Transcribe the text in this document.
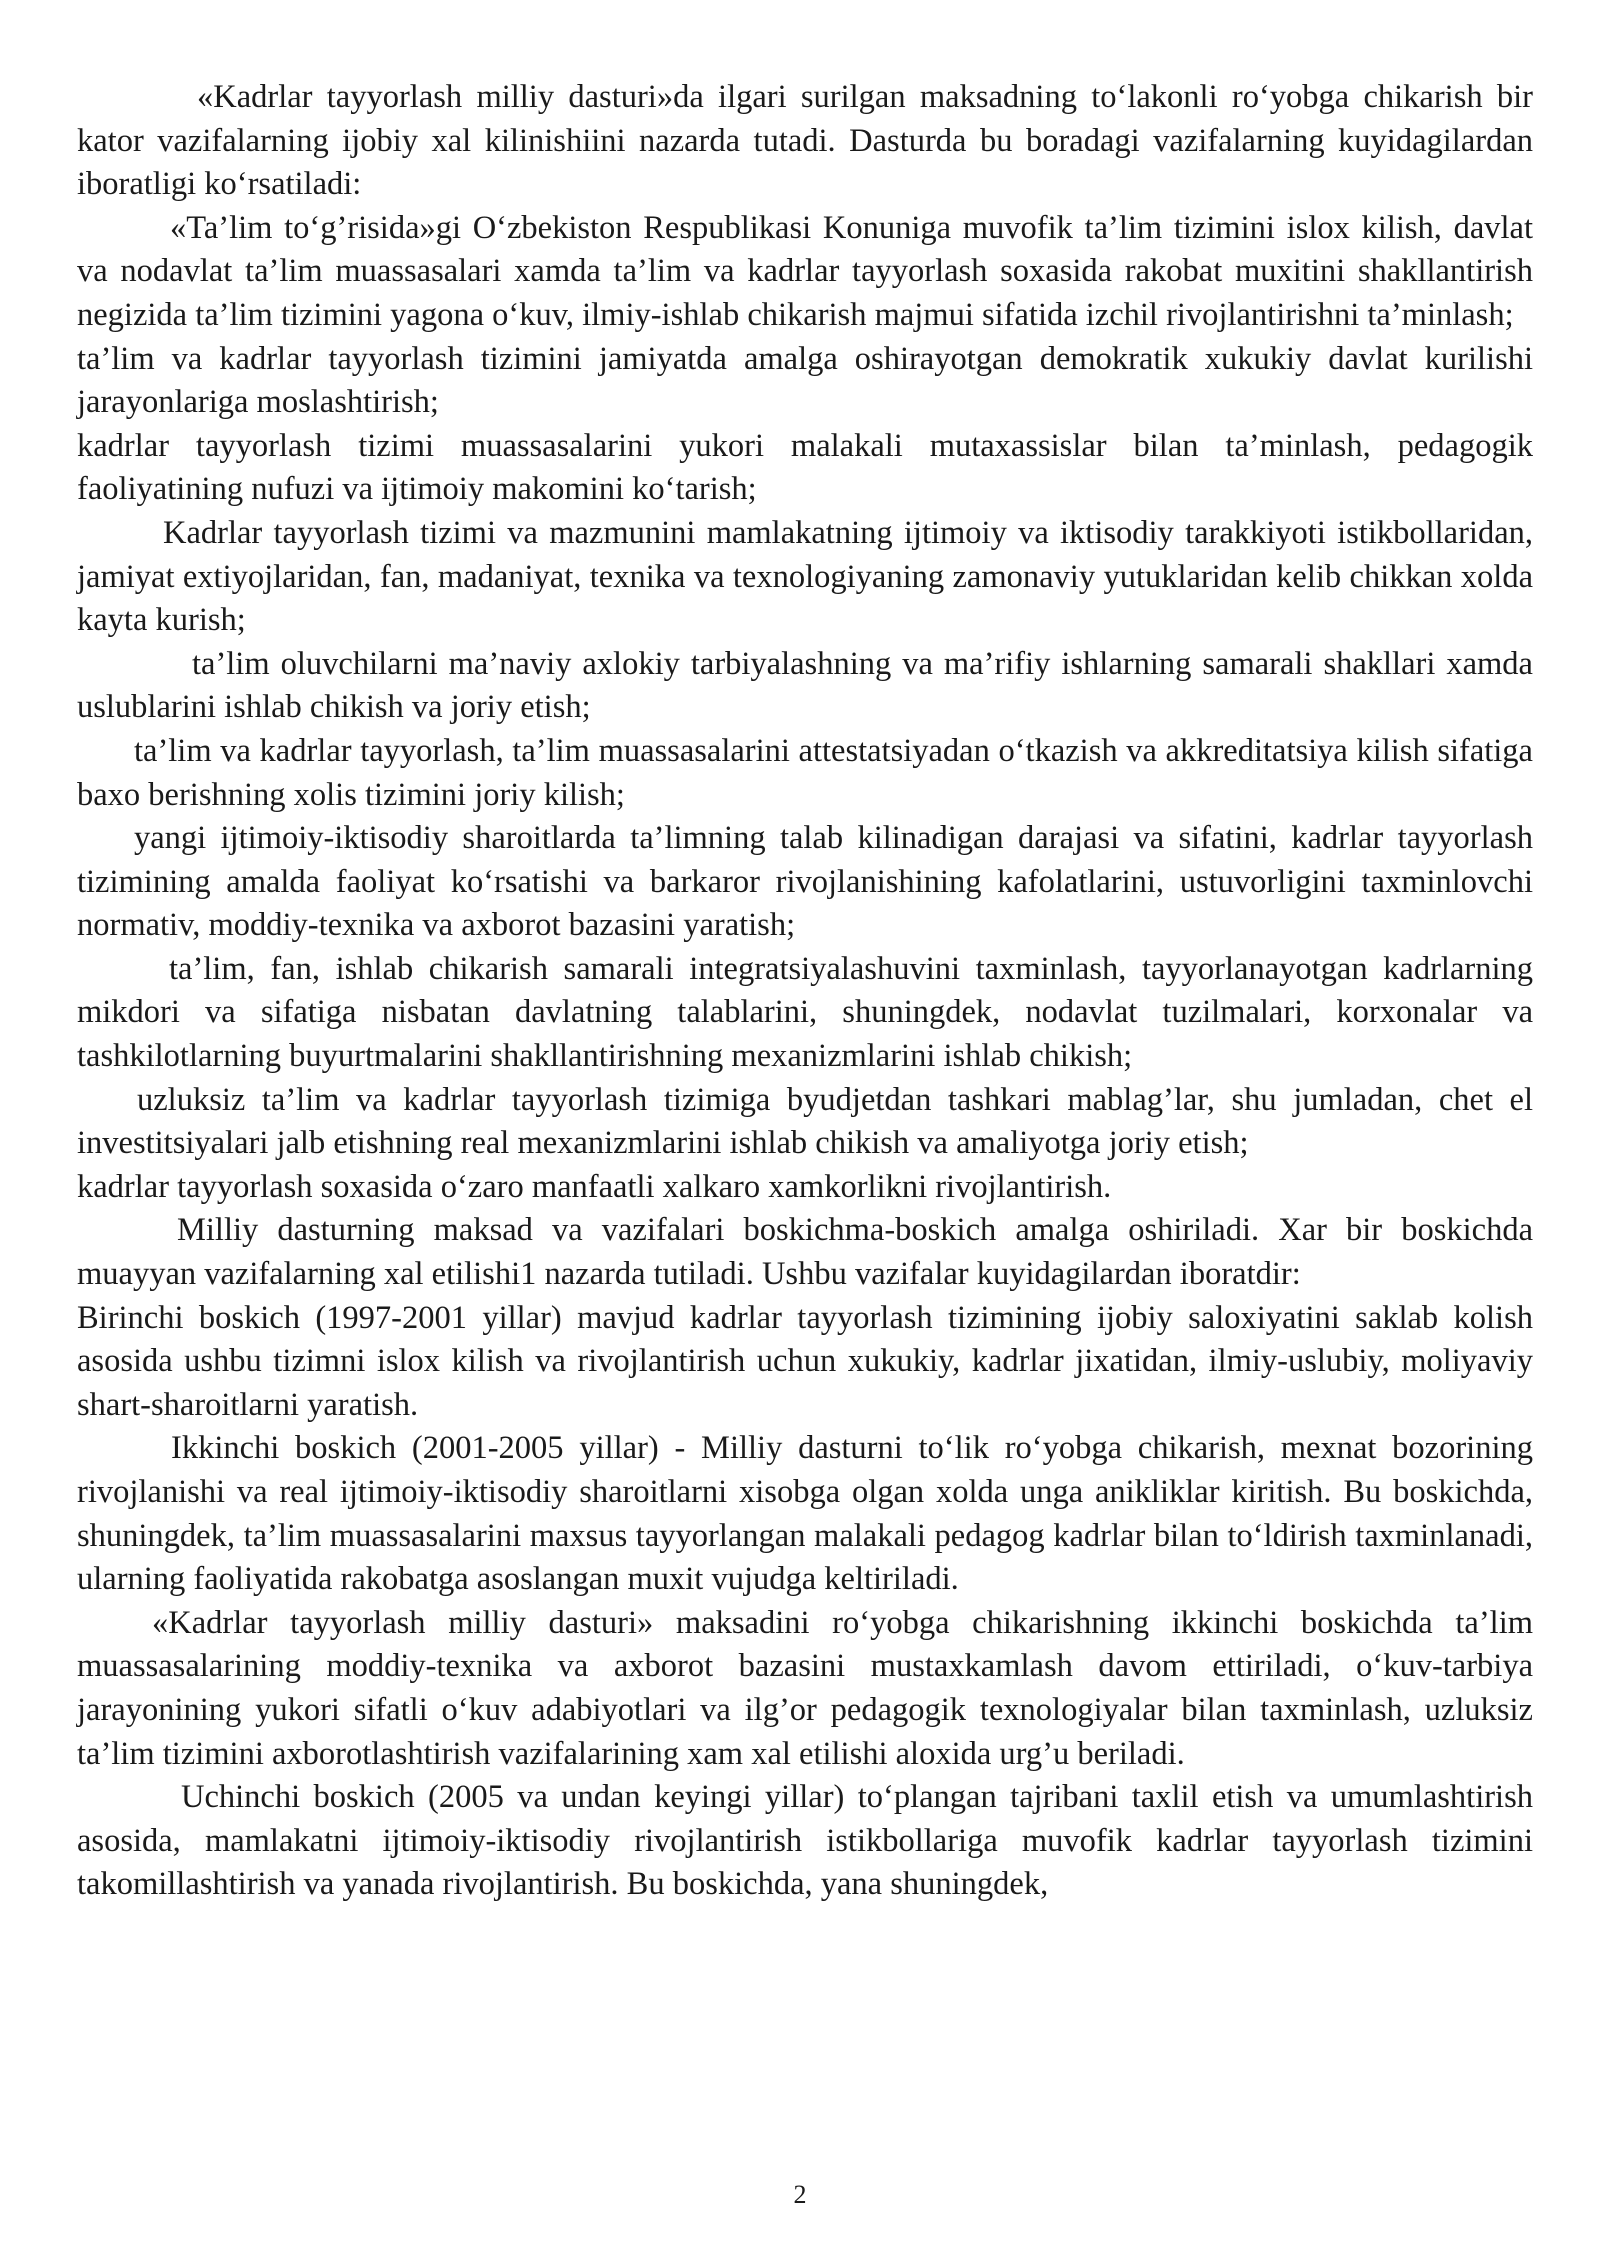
«Kadrlar tayyorlash milliy dasturi»da ilgari surilgan maksadning to‘lakonli ro‘yobga chikarish bir kator vazifalarning ijobiy xal kilinishiini nazarda tutadi. Dasturda bu boradagi vazifalarning kuyidagilardan iboratligi ko‘rsatiladi:

«Ta’lim to‘g’risida»gi O‘zbekiston Respublikasi Konuniga muvofik ta’lim tizimini islox kilish, davlat va nodavlat ta’lim muassasalari xamda ta’lim va kadrlar tayyorlash soxasida rakobat muxitini shakllantirish negizida ta’lim tizimini yagona o‘kuv, ilmiy-ishlab chikarish majmui sifatida izchil rivojlantirishni ta’minlash;

ta’lim va kadrlar tayyorlash tizimini jamiyatda amalga oshirayotgan demokratik xukukiy davlat kurilishi jarayonlariga moslashtirish;

kadrlar tayyorlash tizimi muassasalarini yukori malakali mutaxassislar bilan ta’minlash, pedagogik faoliyatining nufuzi va ijtimoiy makomini ko‘tarish;

Kadrlar tayyorlash tizimi va mazmunini mamlakatning ijtimoiy va iktisodiy tarakkiyoti istikbollaridan, jamiyat extiyojlaridan, fan, madaniyat, texnika va texnologiyaning zamonaviy yutuklaridan kelib chikkan xolda kayta kurish;

ta’lim oluvchilarni ma’naviy axlokiy tarbiyalashning va ma’rifiy ishlarning samarali shakllari xamda uslublarini ishlab chikish va joriy etish;

ta’lim va kadrlar tayyorlash, ta’lim muassasalarini attestatsiyadan o‘tkazish va akkreditatsiya kilish sifatiga baxo berishning xolis tizimini joriy kilish;

yangi ijtimoiy-iktisodiy sharoitlarda ta’limning talab kilinadigan darajasi va sifatini, kadrlar tayyorlash tizimining amalda faoliyat ko‘rsatishi va barkaror rivojlanishining kafolatlarini, ustuvorligini taxminlovchi normativ, moddiy-texnika va axborot bazasini yaratish;

ta’lim, fan, ishlab chikarish samarali integratsiyalashuvini taxminlash, tayyorlanayotgan kadrlarning mikdori va sifatiga nisbatan davlatning talablarini, shuningdek, nodavlat tuzilmalari, korxonalar va tashkilotlarning buyurtmalarini shakllantirishning mexanizmlarini ishlab chikish;

uzluksiz ta’lim va kadrlar tayyorlash tizimiga byudjetdan tashkari mablag’lar, shu jumladan, chet el investitsiyalari jalb etishning real mexanizmlarini ishlab chikish va amaliyotga joriy etish;

kadrlar tayyorlash soxasida o‘zaro manfaatli xalkaro xamkorlikni rivojlantirish.

Milliy dasturning maksad va vazifalari boskichma-boskich amalga oshiriladi. Xar bir boskichda muayyan vazifalarning xal etilishi1 nazarda tutiladi. Ushbu vazifalar kuyidagilardan iboratdir:

Birinchi boskich (1997-2001 yillar) mavjud kadrlar tayyorlash tizimining ijobiy saloxiyatini saklab kolish asosida ushbu tizimni islox kilish va rivojlantirish uchun xukukiy, kadrlar jixatidan, ilmiy-uslubiy, moliyaviy shart-sharoitlarni yaratish.

Ikkinchi boskich (2001-2005 yillar) - Milliy dasturni to‘lik ro‘yobga chikarish, mexnat bozorining rivojlanishi va real ijtimoiy-iktisodiy sharoitlarni xisobga olgan xolda unga anikliklar kiritish. Bu boskichda, shuningdek, ta’lim muassasalarini maxsus tayyorlangan malakali pedagog kadrlar bilan to‘ldirish taxminlanadi, ularning faoliyatida rakobatga asoslangan muxit vujudga keltiriladi.

«Kadrlar tayyorlash milliy dasturi» maksadini ro‘yobga chikarishning ikkinchi boskichda ta’lim muassasalarining moddiy-texnika va axborot bazasini mustaxkamlash davom ettiriladi, o‘kuv-tarbiya jarayonining yukori sifatli o‘kuv adabiyotlari va ilg’or pedagogik texnologiyalar bilan taxminlash, uzluksiz ta’lim tizimini axborotlashtirish vazifalarining xam xal etilishi aloxida urg’u beriladi.

Uchinchi boskich (2005 va undan keyingi yillar) to‘plangan tajribani taxlil etish va umumlashtirish asosida, mamlakatni ijtimoiy-iktisodiy rivojlantirish istikbollariga muvofik kadrlar tayyorlash tizimini takomillashtirish va yanada rivojlantirish. Bu boskichda, yana shuningdek,

2
